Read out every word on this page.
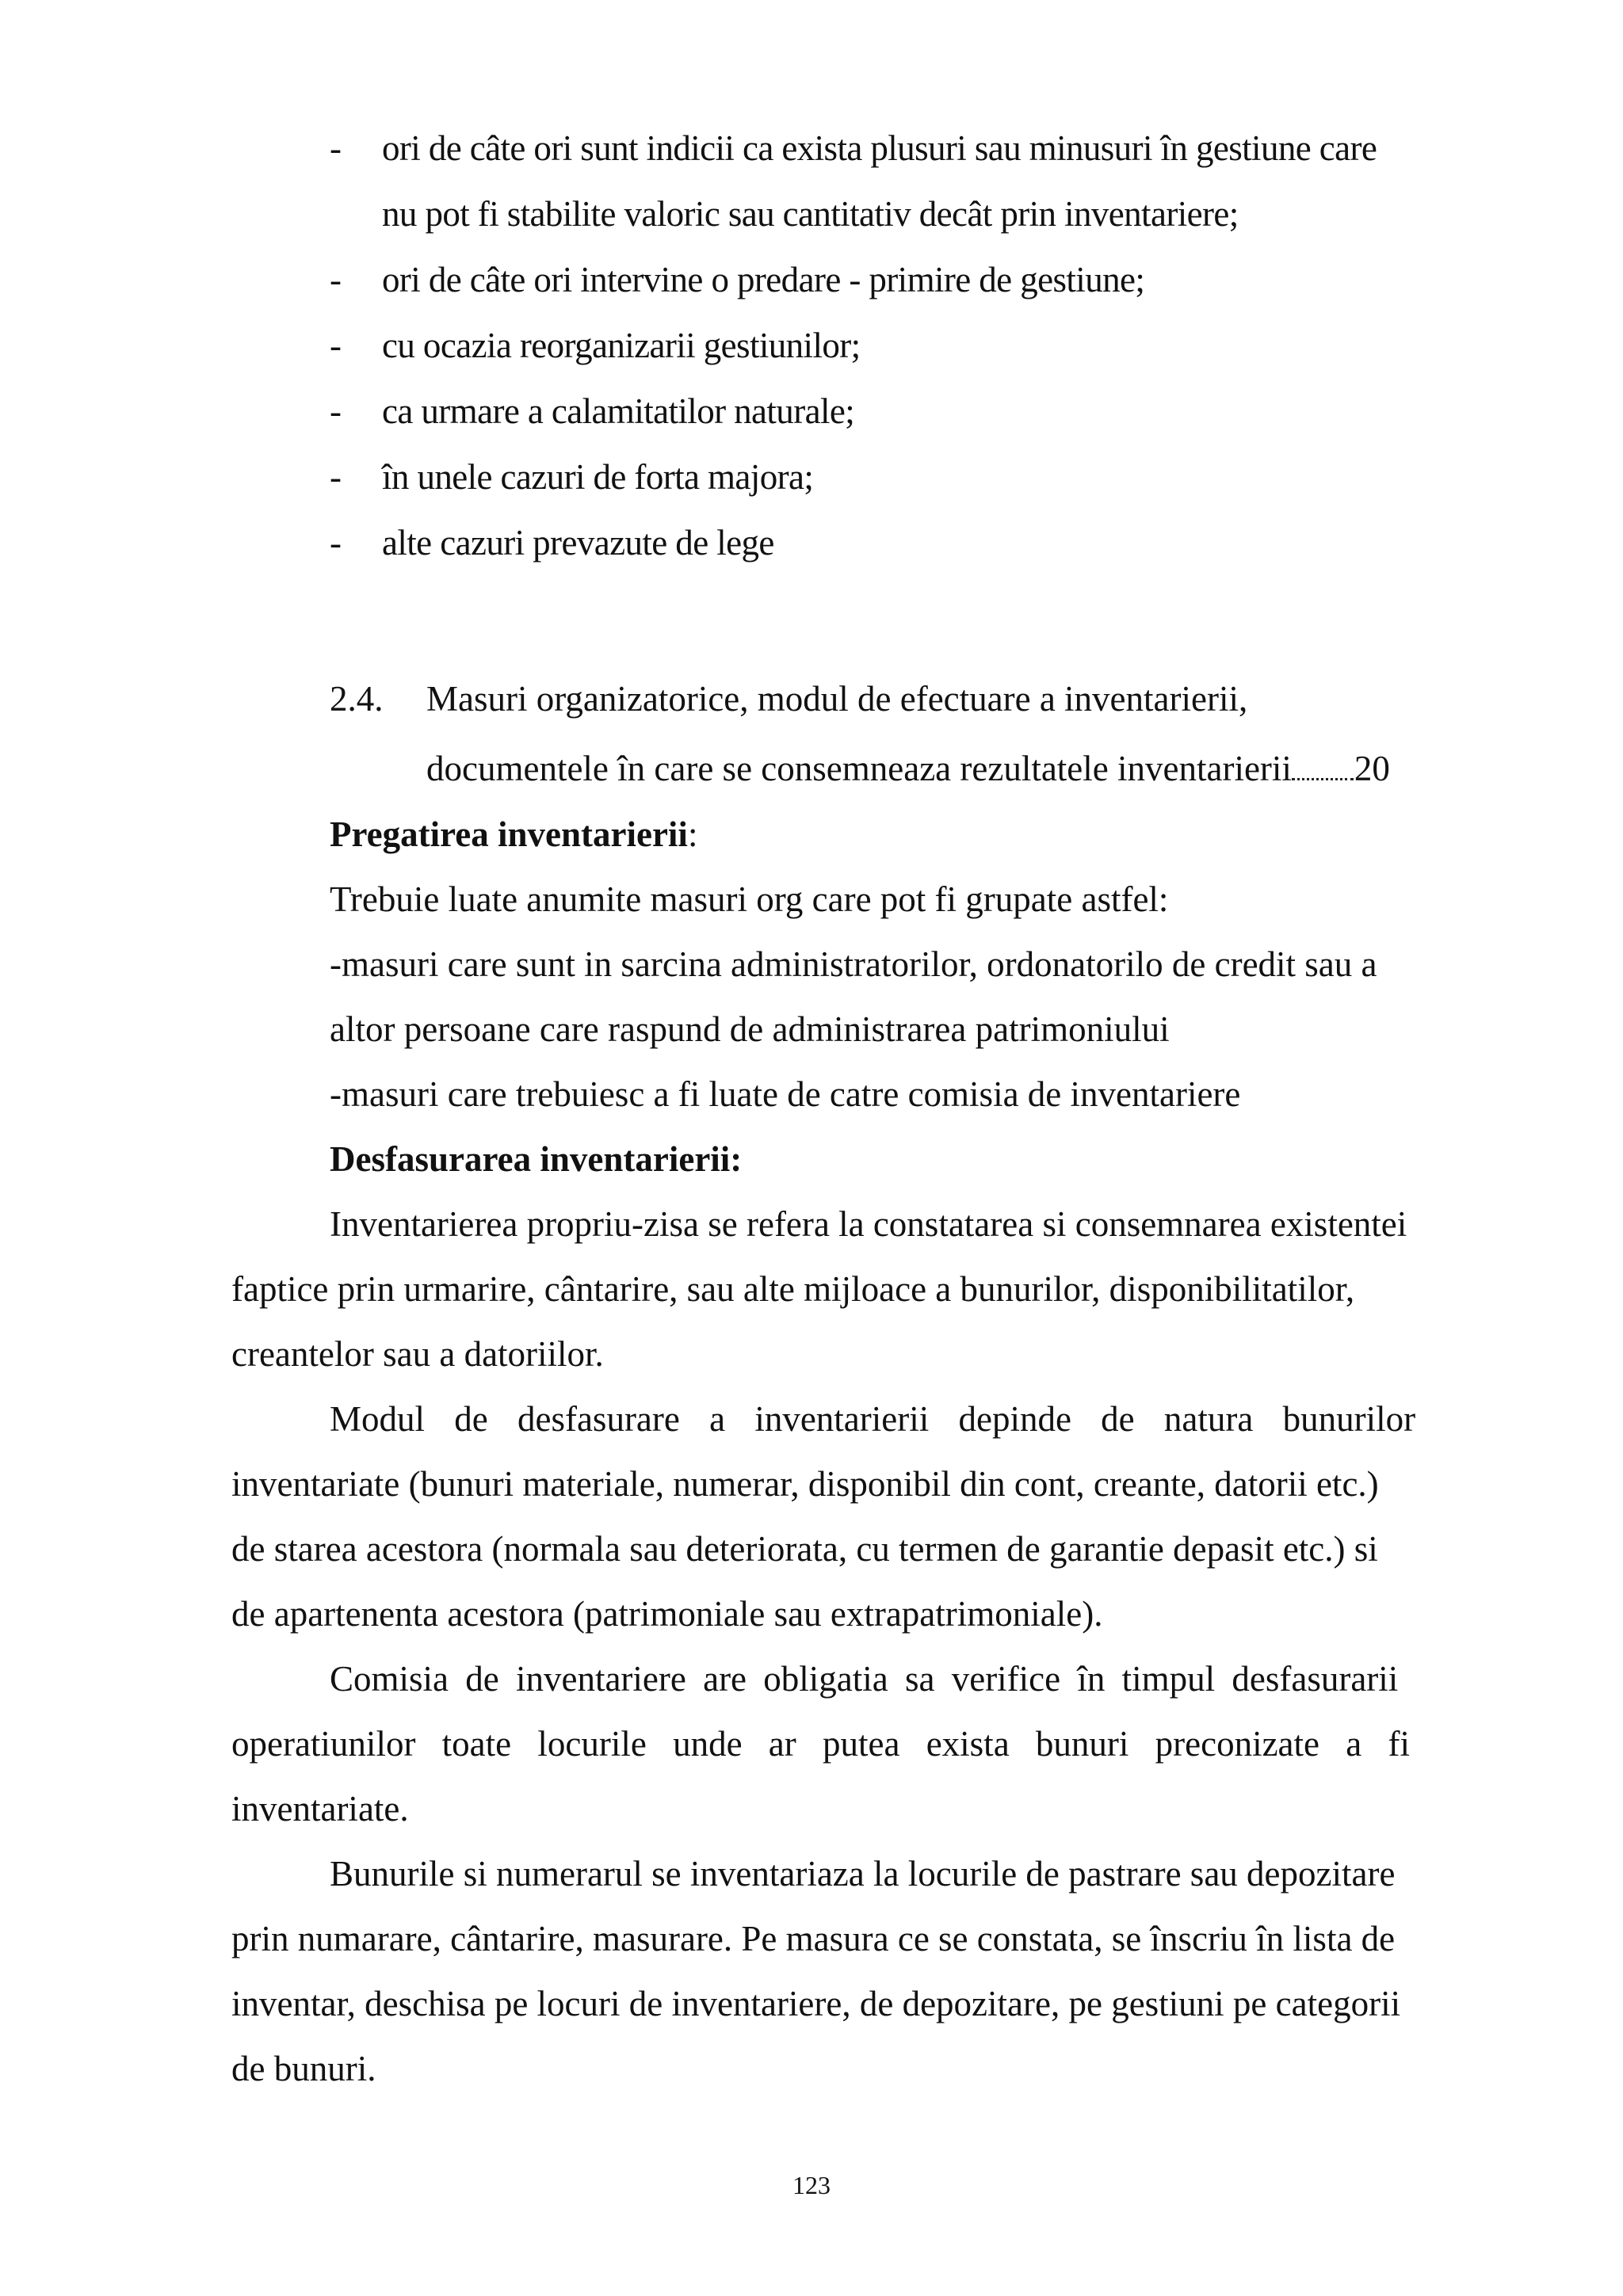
- ori de câte ori sunt indicii ca exista plusuri sau minusuri în gestiune care
nu pot fi stabilite valoric sau cantitativ decât prin inventariere;
- ori de câte ori intervine o predare - primire de gestiune;
- cu ocazia reorganizarii gestiunilor;
- ca urmare a calamitatilor naturale;
- în unele cazuri de forta majora;
- alte cazuri prevazute de lege
2.4. Masuri organizatorice, modul de efectuare a inventarierii,
documentele în care se consemneaza rezultatele inventarierii 20
Pregatirea inventarierii:
Trebuie luate anumite masuri org care pot fi grupate astfel:
-masuri care sunt in sarcina administratorilor, ordonatorilo de credit sau a
altor persoane care raspund de administrarea patrimoniului
-masuri care trebuiesc a fi luate de catre comisia de inventariere
Desfasurarea inventarierii:
Inventarierea propriu-zisa se refera la constatarea si consemnarea existentei
faptice prin urmarire, cântarire, sau alte mijloace a bunurilor, disponibilitatilor,
creantelor sau a datoriilor.
Modul de desfasurare a inventarierii depinde de natura bunurilor
inventariate (bunuri materiale, numerar, disponibil din cont, creante, datorii etc.)
de starea acestora (normala sau deteriorata, cu termen de garantie depasit etc.) si
de apartenenta acestora (patrimoniale sau extrapatrimoniale).
Comisia de inventariere are obligatia sa verifice în timpul desfasurarii
operatiunilor toate locurile unde ar putea exista bunuri preconizate a fi
inventariate.
Bunurile si numerarul se inventariaza la locurile de pastrare sau depozitare
prin numarare, cântarire, masurare. Pe masura ce se constata, se înscriu în lista de
inventar, deschisa pe locuri de inventariere, de depozitare, pe gestiuni pe categorii
de bunuri.
123
